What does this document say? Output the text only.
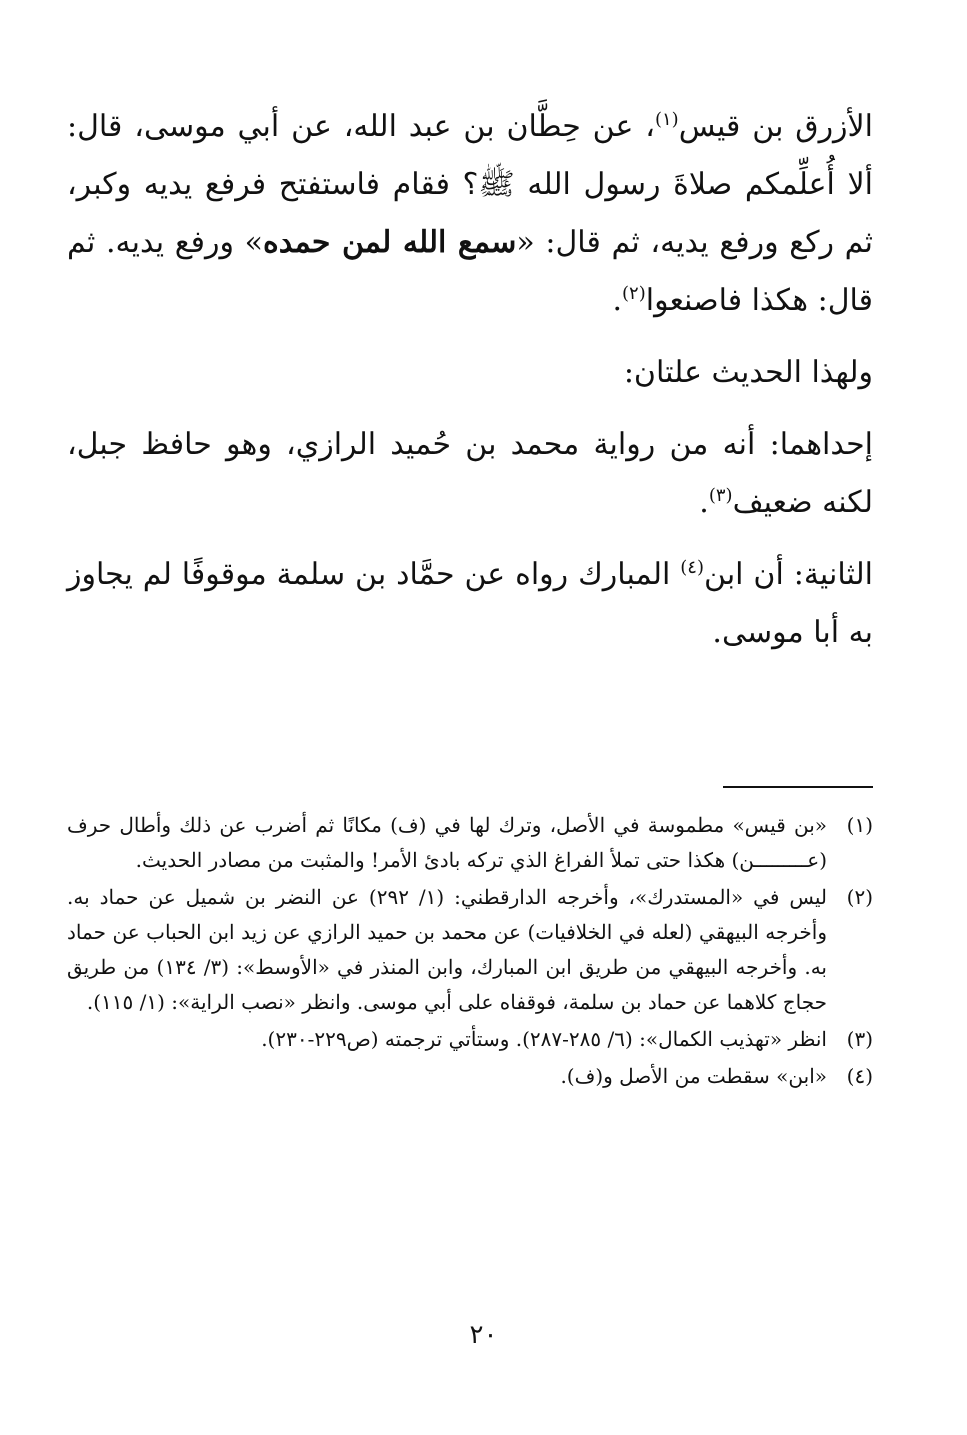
الأزرق بن قيس$^{(١)}$، عن حِطَّان بن عبد الله، عن أبي موسى، قال: ألا أُعلِّمكم صلاةَ رسول الله ﷺ؟ فقام فاستفتح فرفع يديه وكبر، ثم ركع ورفع يديه، ثم قال: «سمع الله لمن حمده» ورفع يديه. ثم قال: هكذا فاصنعوا$^{(٢)}$.

ولهذا الحديث علتان:

إحداهما: أنه من رواية محمد بن حُميد الرازي، وهو حافظ جبل، لكنه ضعيف$^{(٣)}$.

الثانية: أن ابن$^{(٤)}$ المبارك رواه عن حمَّاد بن سلمة موقوفًا لم يجاوز به أبا موسى.

(١)
«بن قيس» مطموسة في الأصل، وترك لها في (ف) مكانًا ثم أضرب عن ذلك وأطال حرف (عـــــــــن) هكذا حتى تملأ الفراغ الذي تركه بادئ الأمر! والمثبت من مصادر الحديث.
(٢)
ليس في «المستدرك»، وأخرجه الدارقطني: (١/ ٢٩٢) عن النضر بن شميل عن حماد به. وأخرجه البيهقي (لعله في الخلافيات) عن محمد بن حميد الرازي عن زيد ابن الحباب عن حماد به. وأخرجه البيهقي من طريق ابن المبارك، وابن المنذر في «الأوسط»: (٣/ ١٣٤) من طريق حجاج كلاهما عن حماد بن سلمة، فوقفاه على أبي موسى. وانظر «نصب الراية»: (١/ ١١٥).
(٣)
انظر «تهذيب الكمال»: (٦/ ٢٨٥-٢٨٧). وستأتي ترجمته (ص٢٢٩-٢٣٠).
(٤)
«ابن» سقطت من الأصل و(ف).
٢٠
